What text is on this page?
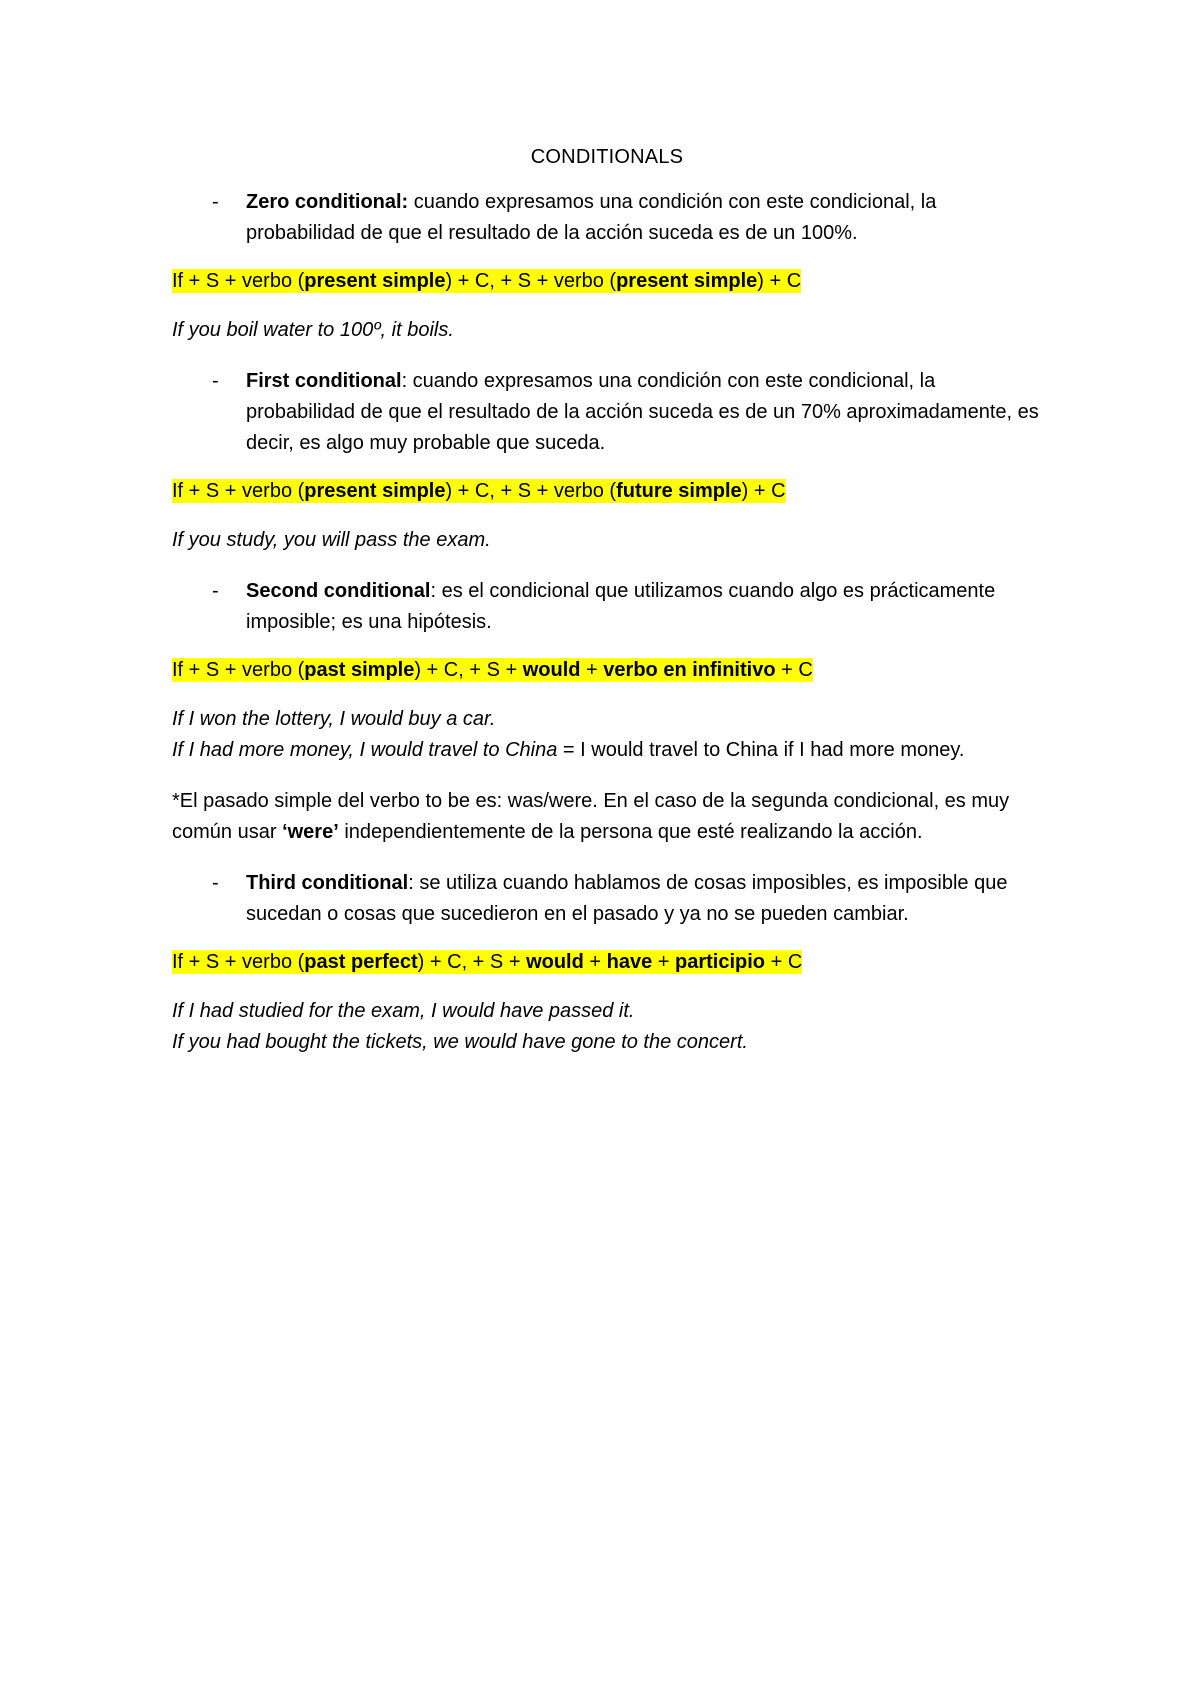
CONDITIONALS
- Zero conditional: cuando expresamos una condición con este condicional, la probabilidad de que el resultado de la acción suceda es de un 100%.
If + S + verbo (present simple) + C, + S + verbo (present simple) + C
If you boil water to 100º, it boils.
- First conditional: cuando expresamos una condición con este condicional, la probabilidad de que el resultado de la acción suceda es de un 70% aproximadamente, es decir, es algo muy probable que suceda.
If + S + verbo (present simple) + C, + S + verbo (future simple) + C
If you study, you will pass the exam.
- Second conditional: es el condicional que utilizamos cuando algo es prácticamente imposible; es una hipótesis.
If + S + verbo (past simple) + C, + S + would + verbo en infinitivo + C

If I won the lottery, I would buy a car.

If I had more money, I would travel to China = I would travel to China if I had more money.

*El pasado simple del verbo to be es: was/were. En el caso de la segunda condicional, es muy común usar ‘were’ independientemente de la persona que esté realizando la acción.
- Third conditional: se utiliza cuando hablamos de cosas imposibles, es imposible que sucedan o cosas que sucedieron en el pasado y ya no se pueden cambiar.
If + S + verbo (past perfect) + C, + S + would + have + participio + C

If I had studied for the exam, I would have passed it.

If you had bought the tickets, we would have gone to the concert.
